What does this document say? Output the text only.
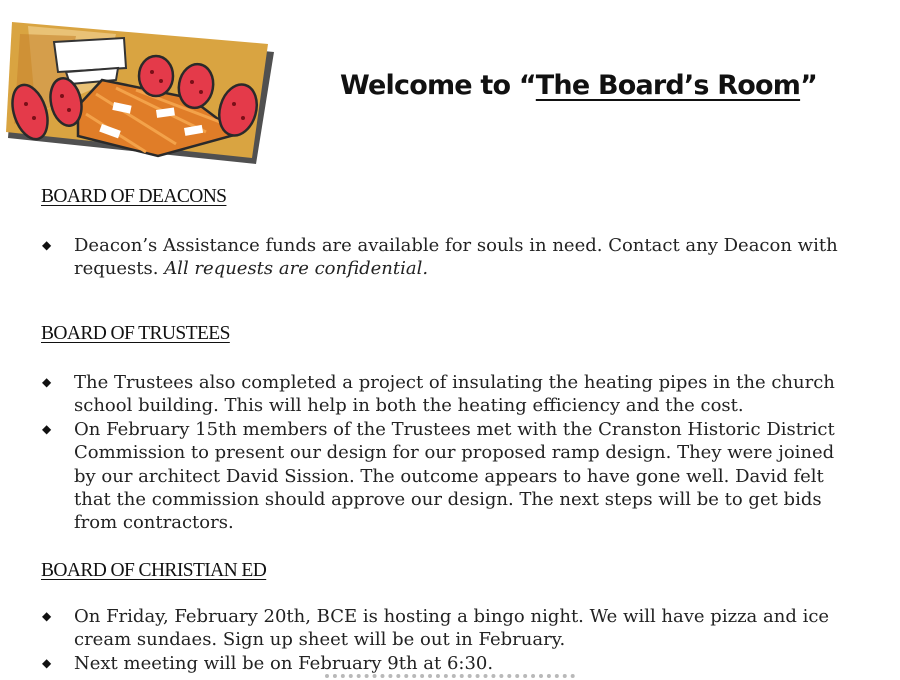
Welcome to “The Board’s Room”
BOARD OF DEACONS
◆ Deacon’s Assistance funds are available for souls in need. Contact any Deacon with requests. All requests are confidential.
BOARD OF TRUSTEES
◆ The Trustees also completed a project of insulating the heating pipes in the church school building. This will help in both the heating efficiency and the cost.
◆ On February 15th members of the Trustees met with the Cranston Historic District Commission to present our design for our proposed ramp design. They were joined by our architect David Sission. The outcome appears to have gone well. David felt that the commission should approve our design. The next steps will be to get bids from contractors.
BOARD OF CHRISTIAN ED
◆ On Friday, February 20th, BCE is hosting a bingo night. We will have pizza and ice cream sundaes. Sign up sheet will be out in February.
◆ Next meeting will be on February 9th at 6:30.
